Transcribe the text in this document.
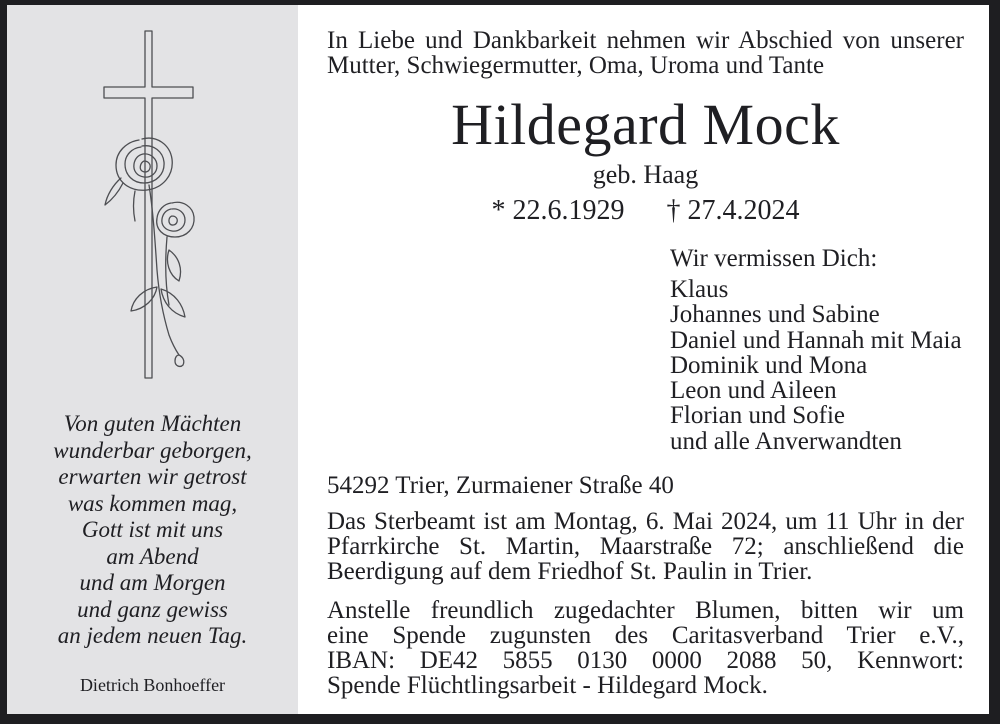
Von guten Mächten
wunderbar geborgen,
erwarten wir getrost
was kommen mag,
Gott ist mit uns
am Abend
und am Morgen
und ganz gewiss
an jedem neuen Tag.
Dietrich Bonhoeffer
In Liebe und Dankbarkeit nehmen wir Abschied von unserer
Mutter, Schwiegermutter, Oma, Uroma und Tante
Hildegard Mock
geb. Haag
* 22.6.1929 † 27.4.2024
Wir vermissen Dich:
Klaus
Johannes und Sabine
Daniel und Hannah mit Maia
Dominik und Mona
Leon und Aileen
Florian und Sofie
und alle Anverwandten
54292 Trier, Zurmaiener Straße 40
Das Sterbeamt ist am Montag, 6. Mai 2024, um 11 Uhr in der
Pfarrkirche St. Martin, Maarstraße 72; anschließend die
Beerdigung auf dem Friedhof St. Paulin in Trier.
Anstelle freundlich zugedachter Blumen, bitten wir um
eine Spende zugunsten des Caritasverband Trier e.V.,
IBAN: DE42 5855 0130 0000 2088 50, Kennwort:
Spende Flüchtlingsarbeit - Hildegard Mock.
